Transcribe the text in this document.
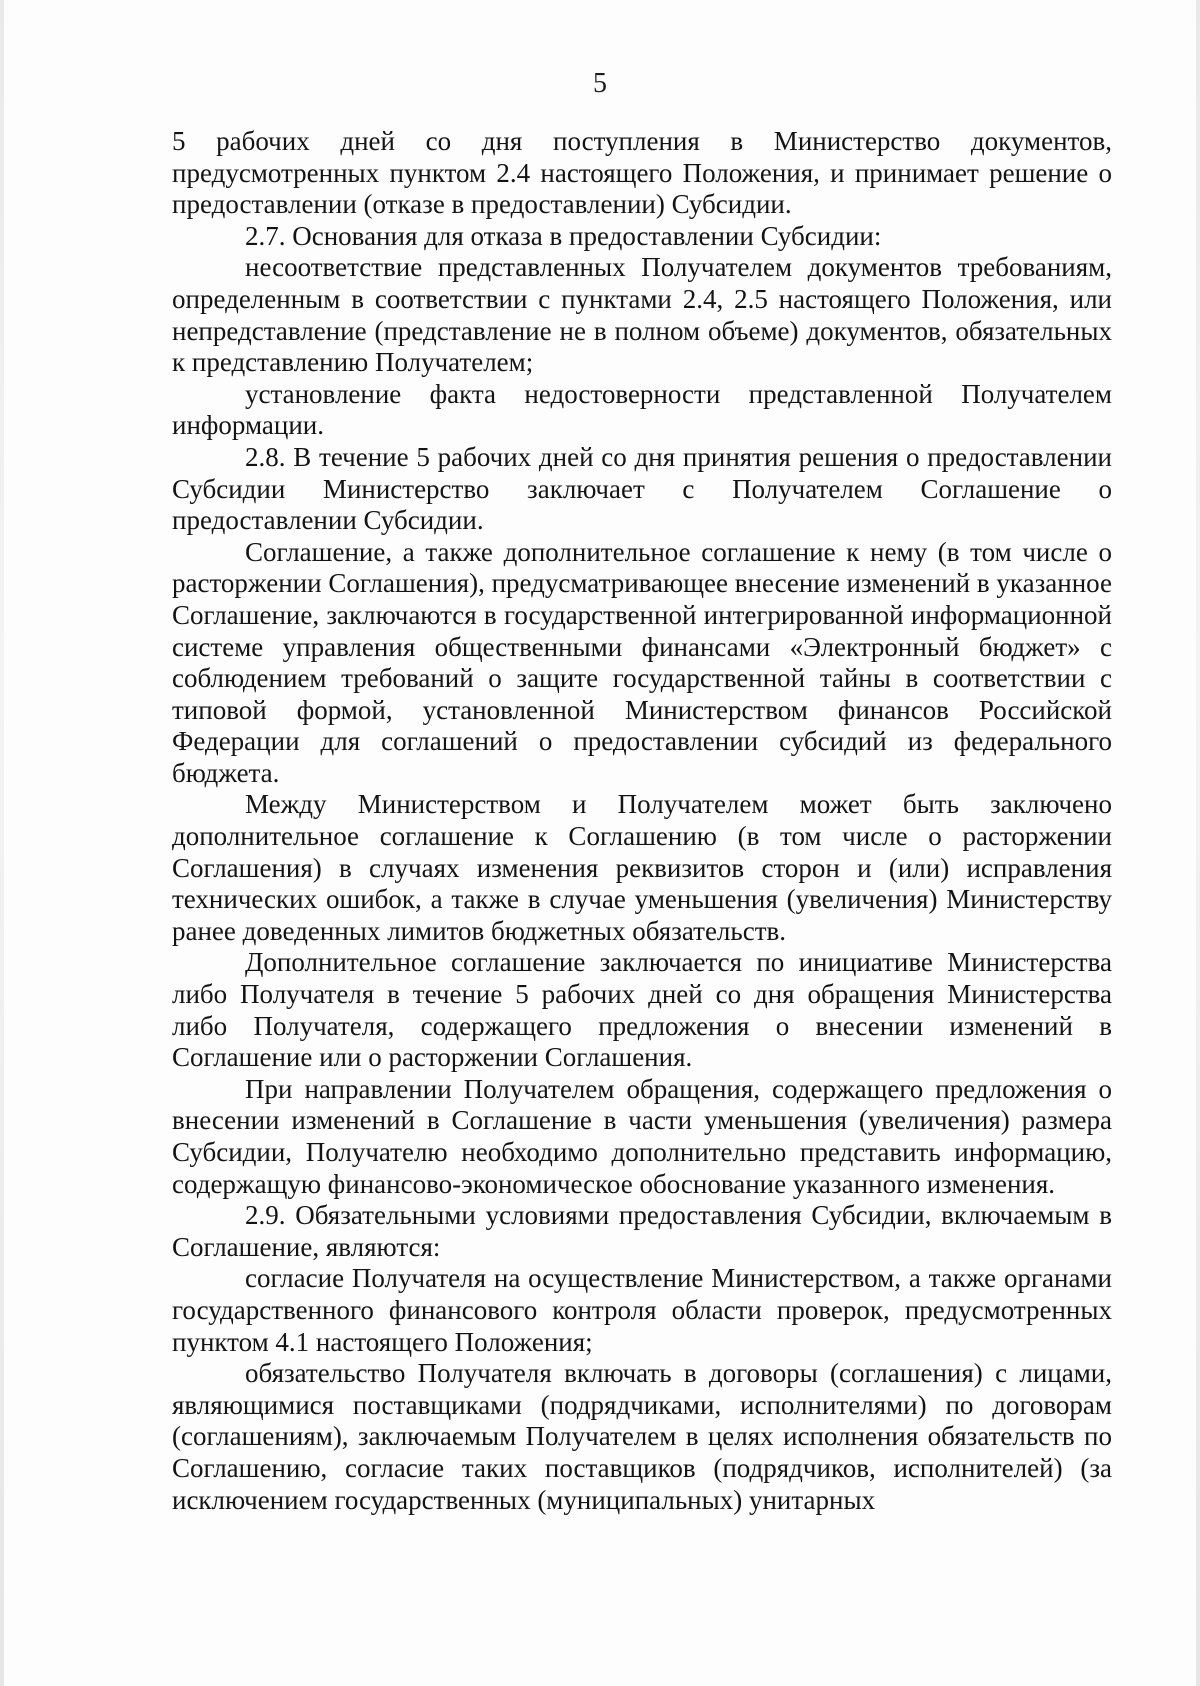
5

5 рабочих дней со дня поступления в Министерство документов, предусмотренных пунктом 2.4 настоящего Положения, и принимает решение о предоставлении (отказе в предоставлении) Субсидии.

2.7. Основания для отказа в предоставлении Субсидии:

несоответствие представленных Получателем документов требованиям, определенным в соответствии с пунктами 2.4, 2.5 настоящего Положения, или непредставление (представление не в полном объеме) документов, обязательных к представлению Получателем;

установление факта недостоверности представленной Получателем информации.

2.8. В течение 5 рабочих дней со дня принятия решения о предоставлении Субсидии Министерство заключает с Получателем Соглашение о предоставлении Субсидии.

Соглашение, а также дополнительное соглашение к нему (в том числе о расторжении Соглашения), предусматривающее внесение изменений в указанное Соглашение, заключаются в государственной интегрированной информационной системе управления общественными финансами «Электронный бюджет» с соблюдением требований о защите государственной тайны в соответствии с типовой формой, установленной Министерством финансов Российской Федерации для соглашений о предоставлении субсидий из федерального бюджета.

Между Министерством и Получателем может быть заключено дополнительное соглашение к Соглашению (в том числе о расторжении Соглашения) в случаях изменения реквизитов сторон и (или) исправления технических ошибок, а также в случае уменьшения (увеличения) Министерству ранее доведенных лимитов бюджетных обязательств.

Дополнительное соглашение заключается по инициативе Министерства либо Получателя в течение 5 рабочих дней со дня обращения Министерства либо Получателя, содержащего предложения о внесении изменений в Соглашение или о расторжении Соглашения.

При направлении Получателем обращения, содержащего предложения о внесении изменений в Соглашение в части уменьшения (увеличения) размера Субсидии, Получателю необходимо дополнительно представить информацию, содержащую финансово-экономическое обоснование указанного изменения.

2.9. Обязательными условиями предоставления Субсидии, включаемым в Соглашение, являются:

согласие Получателя на осуществление Министерством, а также органами государственного финансового контроля области проверок, предусмотренных пунктом 4.1 настоящего Положения;

обязательство Получателя включать в договоры (соглашения) с лицами, являющимися поставщиками (подрядчиками, исполнителями) по договорам (соглашениям), заключаемым Получателем в целях исполнения обязательств по Соглашению, согласие таких поставщиков (подрядчиков, исполнителей) (за исключением государственных (муниципальных) унитарных
